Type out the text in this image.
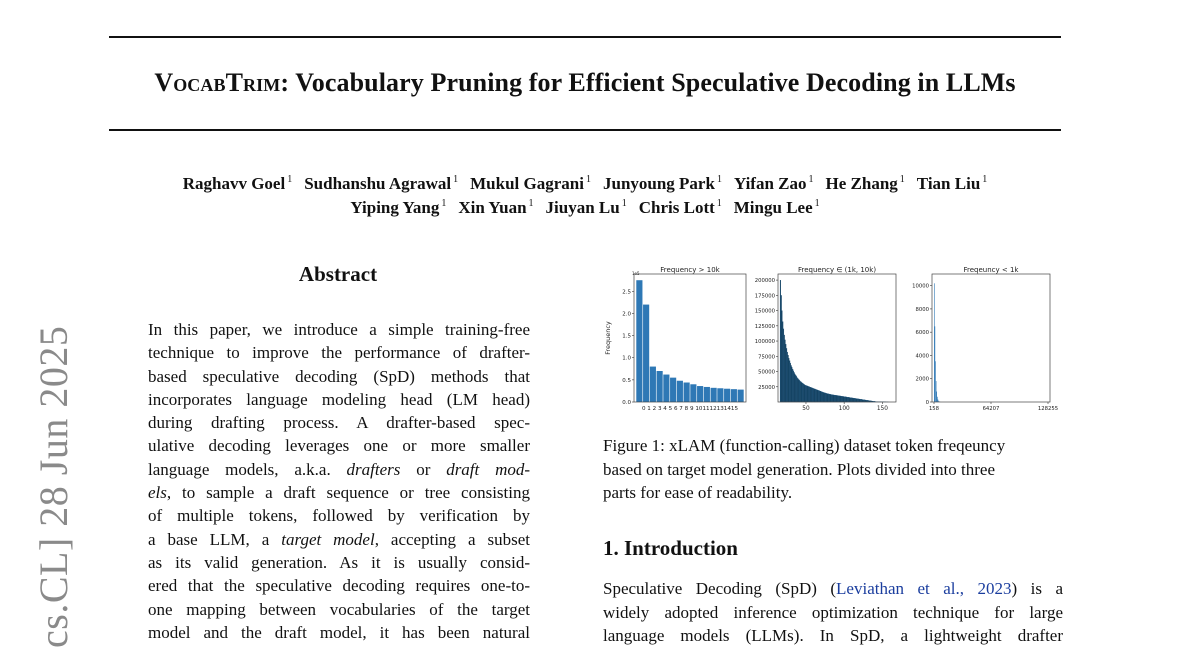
cs.CL] 28 Jun 2025
VocabTrim: Vocabulary Pruning for Efficient Speculative Decoding in LLMs
Raghavv Goel $^1$ Sudhanshu Agrawal $^1$ Mukul Gagrani $^1$ Junyoung Park $^1$ Yifan Zao $^1$ He Zhang $^1$ Tian Liu $^1$
Yiping Yang $^1$ Xin Yuan $^1$ Jiuyan Lu $^1$ Chris Lott $^1$ Mingu Lee $^1$
Abstract
In this paper, we introduce a simple training-free
technique to improve the performance of drafter-
based speculative decoding (SpD) methods that
incorporates language modeling head (LM head)
during drafting process. A drafter-based spec-
ulative decoding leverages one or more smaller
language models, a.k.a. drafters or draft mod-
els, to sample a draft sequence or tree consisting
of multiple tokens, followed by verification by
a base LLM, a target model, accepting a subset
as its valid generation. As it is usually consid-
ered that the speculative decoding requires one-to-
one mapping between vocabularies of the target
model and the draft model, it has been natural
Frequency > 10k
1e5
Frequency
0.0
0.5
1.0
1.5
2.0
2.5
0 1 2 3 4 5 6 7 8 9 101112131415
Frequency ∈ (1k, 10k)
25000
50000
75000
100000
125000
150000
175000
200000
50	100	150
Freqeuncy < 1k
0
2000
4000
6000
8000
10000
158	64207	128255
Figure 1: xLAM (function-calling) dataset token freqeuncy
based on target model generation. Plots divided into three
parts for ease of readability.
1. Introduction
Speculative Decoding (SpD) (Leviathan et al., 2023) is a
widely adopted inference optimization technique for large
language models (LLMs). In SpD, a lightweight drafter
